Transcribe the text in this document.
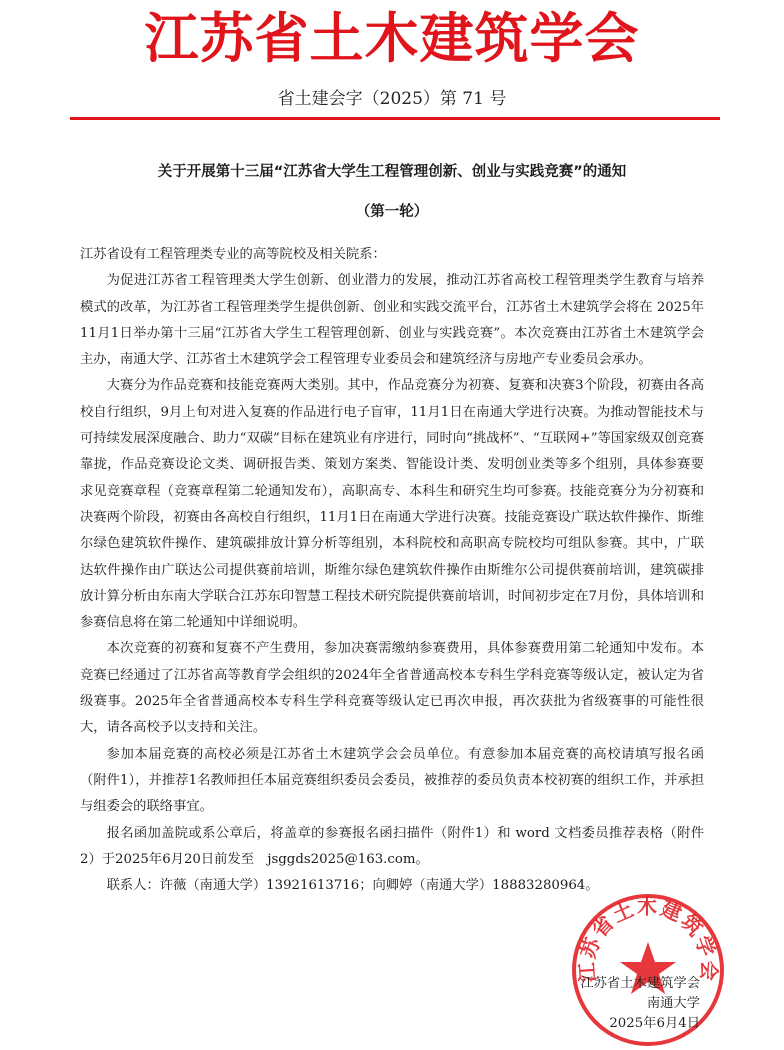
江苏省土木建筑学会
省土建会字（2025）第 71 号
关于开展第十三届“江苏省大学生工程管理创新、创业与实践竞赛”的通知
（第一轮）

江苏省设有工程管理类专业的高等院校及相关院系：

为促进江苏省工程管理类大学生创新、创业潜力的发展，推动江苏省高校工程管理类学生教育与培养模式的改革，为江苏省工程管理类学生提供创新、创业和实践交流平台，江苏省土木建筑学会将在 2025年11月1日举办第十三届“江苏省大学生工程管理创新、创业与实践竞赛”。本次竞赛由江苏省土木建筑学会主办，南通大学、江苏省土木建筑学会工程管理专业委员会和建筑经济与房地产专业委员会承办。

大赛分为作品竞赛和技能竞赛两大类别。其中，作品竞赛分为初赛、复赛和决赛3个阶段，初赛由各高校自行组织，9月上旬对进入复赛的作品进行电子盲审，11月1日在南通大学进行决赛。为推动智能技术与可持续发展深度融合、助力“双碳”目标在建筑业有序进行，同时向“挑战杯”、“互联网+”等国家级双创竞赛靠拢，作品竞赛设论文类、调研报告类、策划方案类、智能设计类、发明创业类等多个组别，具体参赛要求见竞赛章程（竞赛章程第二轮通知发布），高职高专、本科生和研究生均可参赛。技能竞赛分为分初赛和决赛两个阶段，初赛由各高校自行组织，11月1日在南通大学进行决赛。技能竞赛设广联达软件操作、斯维尔绿色建筑软件操作、建筑碳排放计算分析等组别，本科院校和高职高专院校均可组队参赛。其中，广联达软件操作由广联达公司提供赛前培训，斯维尔绿色建筑软件操作由斯维尔公司提供赛前培训，建筑碳排放计算分析由东南大学联合江苏东印智慧工程技术研究院提供赛前培训，时间初步定在7月份，具体培训和参赛信息将在第二轮通知中详细说明。

本次竞赛的初赛和复赛不产生费用，参加决赛需缴纳参赛费用，具体参赛费用第二轮通知中发布。本竞赛已经通过了江苏省高等教育学会组织的2024年全省普通高校本专科生学科竞赛等级认定，被认定为省级赛事。2025年全省普通高校本专科生学科竞赛等级认定已再次申报，再次获批为省级赛事的可能性很大，请各高校予以支持和关注。

参加本届竞赛的高校必须是江苏省土木建筑学会会员单位。有意参加本届竞赛的高校请填写报名函（附件1），并推荐1名教师担任本届竞赛组织委员会委员，被推荐的委员负责本校初赛的组织工作，并承担与组委会的联络事宜。

报名函加盖院或系公章后，将盖章的参赛报名函扫描件（附件1）和 word 文档委员推荐表格（附件2）于2025年6月20日前发至　jsggds2025@163.com。

联系人：许薇（南通大学）13921613716；向卿婷（南通大学）18883280964。

江苏省土木建筑学会
江苏省土木建筑学会
南通大学
2025年6月4日
